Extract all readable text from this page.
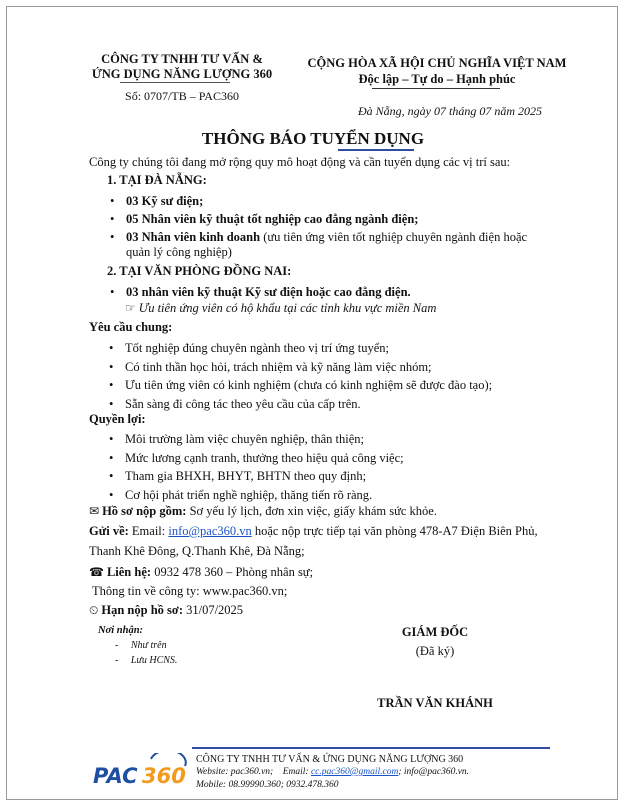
CÔNG TY TNHH TƯ VẤN &
ỨNG DỤNG NĂNG LƯỢNG 360
Số: 0707/TB – PAC360
CỘNG HÒA XÃ HỘI CHỦ NGHĨA VIỆT NAM
Độc lập – Tự do – Hạnh phúc
Đà Nẵng, ngày 07 tháng 07 năm 2025
THÔNG BÁO TUYỂN DỤNG
Công ty chúng tôi đang mở rộng quy mô hoạt động và cần tuyển dụng các vị trí sau:
1. TẠI ĐÀ NẴNG:
• 03 Kỹ sư điện;
• 05 Nhân viên kỹ thuật tốt nghiệp cao đẳng ngành điện;
• 03 Nhân viên kinh doanh (ưu tiên ứng viên tốt nghiệp chuyên ngành điện hoặc
quản lý công nghiệp)
2. TẠI VĂN PHÒNG ĐỒNG NAI:
• 03 nhân viên kỹ thuật Kỹ sư điện hoặc cao đẳng điện.
☞ Ưu tiên ứng viên có hộ khẩu tại các tỉnh khu vực miền Nam
Yêu cầu chung:
• Tốt nghiệp đúng chuyên ngành theo vị trí ứng tuyển;
• Có tinh thần học hỏi, trách nhiệm và kỹ năng làm việc nhóm;
• Ưu tiên ứng viên có kinh nghiệm (chưa có kinh nghiệm sẽ được đào tạo);
• Sẵn sàng đi công tác theo yêu cầu của cấp trên.
Quyền lợi:
• Môi trường làm việc chuyên nghiệp, thân thiện;
• Mức lương cạnh tranh, thưởng theo hiệu quả công việc;
• Tham gia BHXH, BHYT, BHTN theo quy định;
• Cơ hội phát triển nghề nghiệp, thăng tiến rõ ràng.
✉ Hồ sơ nộp gồm: Sơ yếu lý lịch, đơn xin việc, giấy khám sức khỏe.
Gửi về: Email: info@pac360.vn hoặc nộp trực tiếp tại văn phòng 478-A7 Điện Biên Phủ,
Thanh Khê Đông, Q.Thanh Khê, Đà Nẵng;
☎ Liên hệ: 0932 478 360 – Phòng nhân sự;
Thông tin về công ty: www.pac360.vn;
⏲ Hạn nộp hồ sơ: 31/07/2025
Nơi nhận:
-     Như trên
-     Lưu HCNS.
GIÁM ĐỐC
(Đã ký)
TRẦN VĂN KHÁNH
PAC 360
CÔNG TY TNHH TƯ VẤN & ỨNG DỤNG NĂNG LƯỢNG 360
Website: pac360.vn; Email: cc.pac360@gmail.com; info@pac360.vn.
Mobile: 08.99990.360; 0932.478.360
